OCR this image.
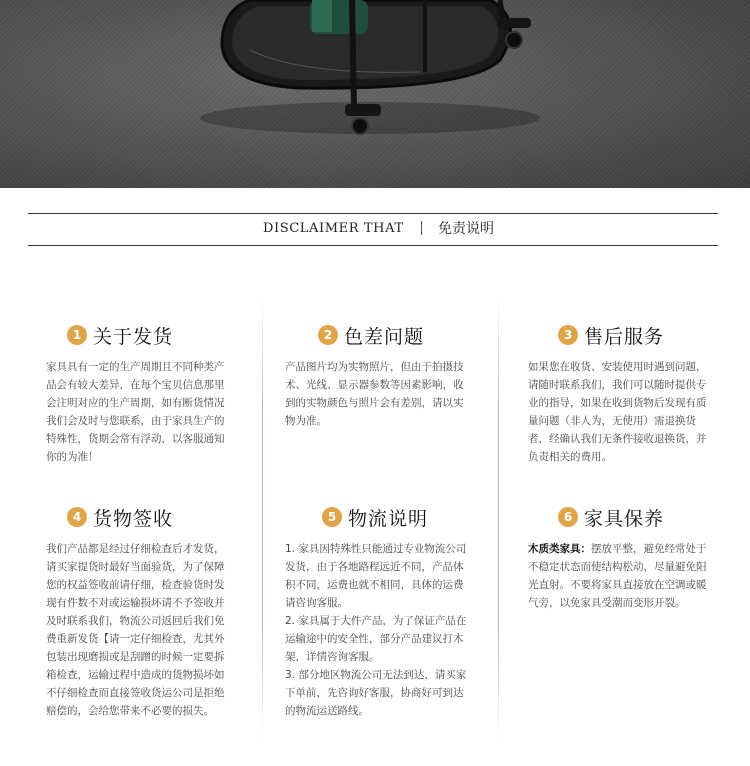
DISCLAIMER THAT	免责说明
1 关于发货
家具具有一定的生产周期且不同种类产品会有较大差异，在每个宝贝信息那里会注明对应的生产周期，如有断货情况我们会及时与您联系，由于家具生产的特殊性，货期会常有浮动，以客服通知你的为准！
2 色差问题
产品图片均为实物照片，但由于拍摄技术、光线、显示器参数等因素影响，收到的实物颜色与照片会有差别，请以实物为准。
3 售后服务
如果您在收货、安装使用时遇到问题，请随时联系我们，我们可以随时提供专业的指导，如果在收到货物后发现有质量问题（非人为，无使用）需退换货者，经确认我们无条件接收退换货，并负责相关的费用。
4 货物签收
我们产品都是经过仔细检查后才发货，请买家提货时最好当面验货，为了保障您的权益签收前请仔细，检查验货时发现有件数不对或运输损坏请不予签收并及时联系我们，物流公司返回后我们免费重新发货【请一定仔细检查，尤其外包装出现磨损或是刮蹭的时候一定要拆箱检查，运输过程中造成的货物损坏如不仔细检查而直接签收货运公司是拒绝赔偿的，会给您带来不必要的损失。
5 物流说明

1. 家具因特殊性只能通过专业物流公司发货，由于各地路程远近不同，产品体积不同，运费也就不相同，具体的运费请咨询客服。

2. 家具属于大件产品，为了保证产品在运输途中的安全性，部分产品建议打木架，详情咨询客服。

3. 部分地区物流公司无法到达，请买家下单前，先咨询好客服，协商好可到达的物流运送路线。

6 家具保养
木质类家具：摆放平整，避免经常处于不稳定状态而使结构松动，尽量避免阳光直射。不要将家具直接放在空调或暖气旁，以免家具受潮而变形开裂。
